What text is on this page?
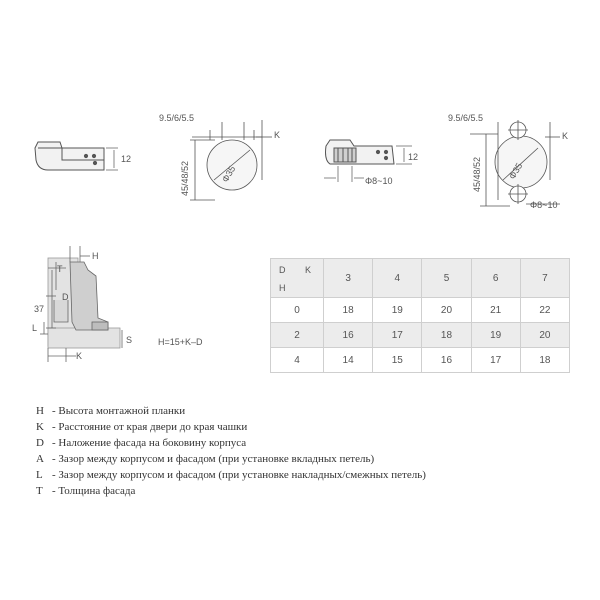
12
9.5/6/5.5
K
45/48/52	Φ35
12
Φ8~10
9.5/6/5.5
K
45/48/52	Φ35
Φ8~10
H
T
D
37
L
K
S	H=15+K–D
D K
H	3	4	5	6	7
0	18	19	20	21	22
2	16	17	18	19	20
4	14	15	16	17	18
H - Высота монтажной планки
K - Расстояние от края двери до края чашки
D - Наложение фасада на боковину корпуса
A - Зазор между корпусом и фасадом (при установке вкладных петель)
L - Зазор между корпусом и фасадом (при установке накладных/смежных петель)
T - Толщина фасада
